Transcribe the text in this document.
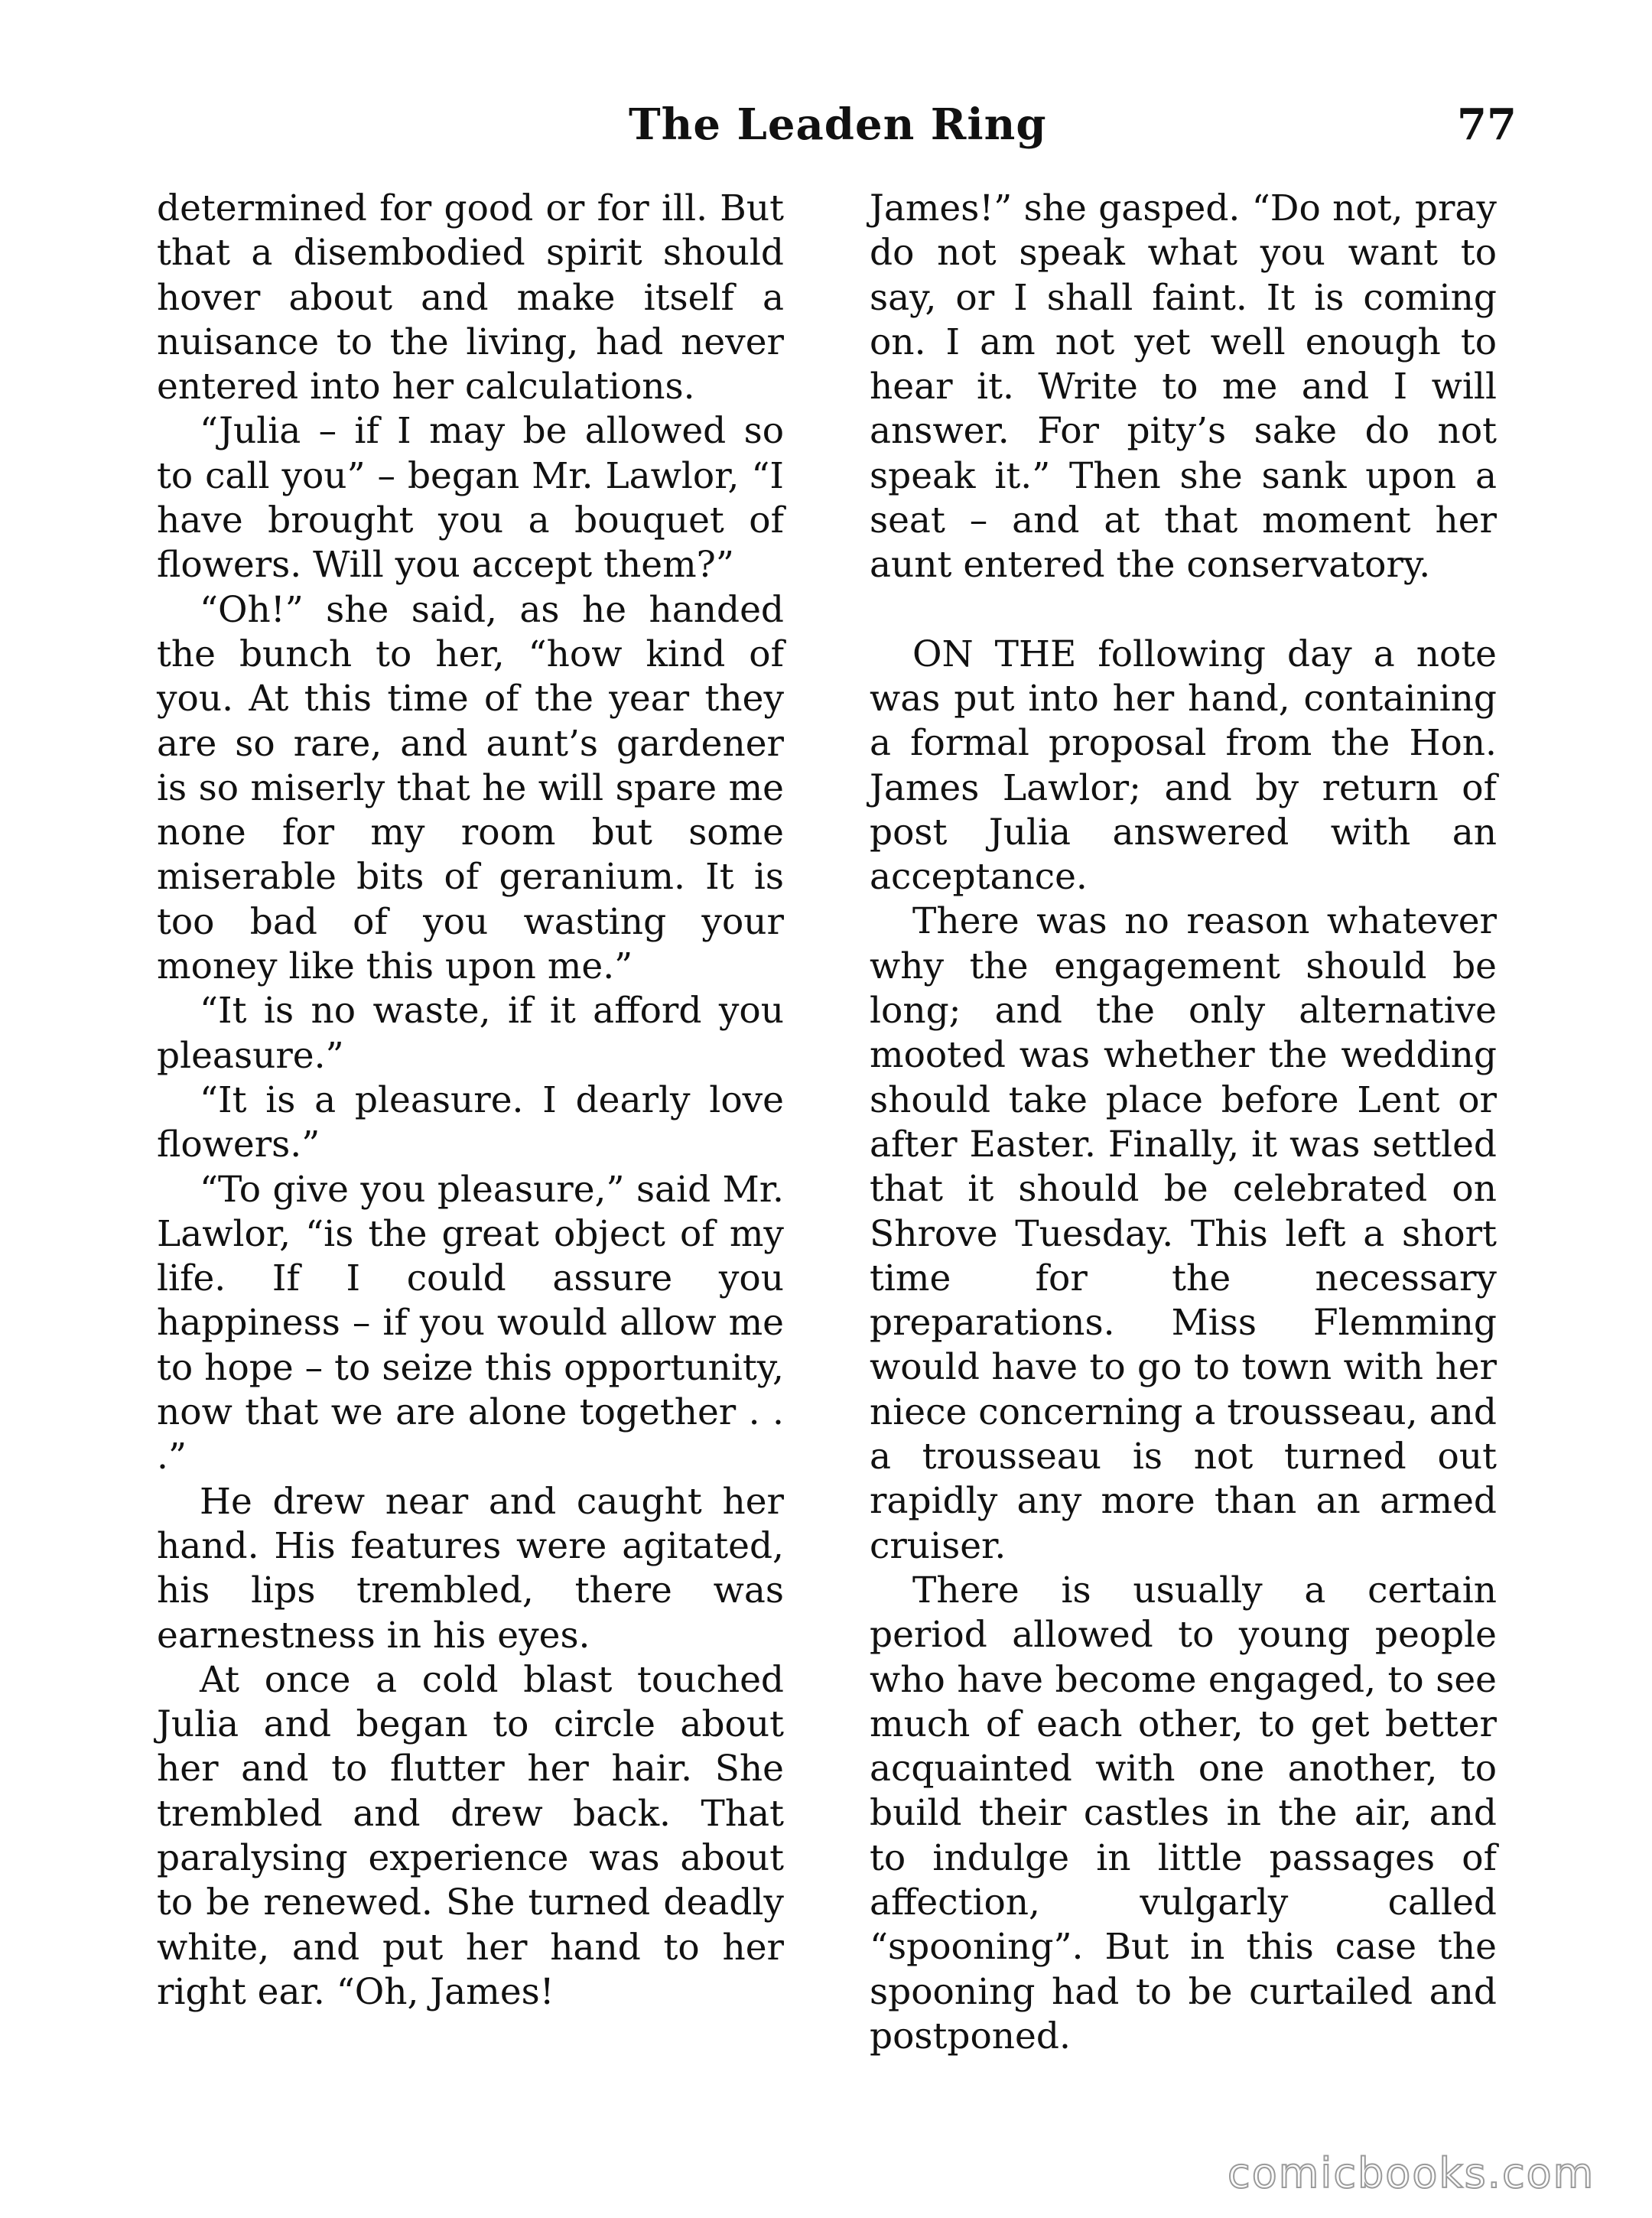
The Leaden Ring	77

determined for good or for ill. But that a disembodied spirit should hover about and make itself a nuisance to the living, had never entered into her calculations.

“Julia – if I may be allowed so to call you” – began Mr. Lawlor, “I have brought you a bouquet of flowers. Will you accept them?”

“Oh!” she said, as he handed the bunch to her, “how kind of you. At this time of the year they are so rare, and aunt’s gardener is so miserly that he will spare me none for my room but some miserable bits of geranium. It is too bad of you wasting your money like this upon me.”

“It is no waste, if it afford you pleasure.”

“It is a pleasure. I dearly love flowers.”

“To give you pleasure,” said Mr. Lawlor, “is the great object of my life. If I could assure you happiness – if you would allow me to hope – to seize this opportunity, now that we are alone together . . .”

He drew near and caught her hand. His features were agitated, his lips trembled, there was earnestness in his eyes.

At once a cold blast touched Julia and began to circle about her and to flutter her hair. She trembled and drew back. That paralysing experience was about to be renewed. She turned deadly white, and put her hand to her right ear. “Oh, James!

James!” she gasped. “Do not, pray do not speak what you want to say, or I shall faint. It is coming on. I am not yet well enough to hear it. Write to me and I will answer. For pity’s sake do not speak it.” Then she sank upon a seat – and at that moment her aunt entered the conservatory.

ON THE following day a note was put into her hand, containing a formal proposal from the Hon. James Lawlor; and by return of post Julia answered with an acceptance.

There was no reason whatever why the engagement should be long; and the only alternative mooted was whether the wedding should take place before Lent or after Easter. Finally, it was settled that it should be celebrated on Shrove Tuesday. This left a short time for the necessary preparations. Miss Flemming would have to go to town with her niece concerning a trousseau, and a trousseau is not turned out rapidly any more than an armed cruiser.

There is usually a certain period allowed to young people who have become engaged, to see much of each other, to get better acquainted with one another, to build their castles in the air, and to indulge in little passages of affection, vulgarly called “spooning”. But in this case the spooning had to be curtailed and postponed.

comicbooks.com
